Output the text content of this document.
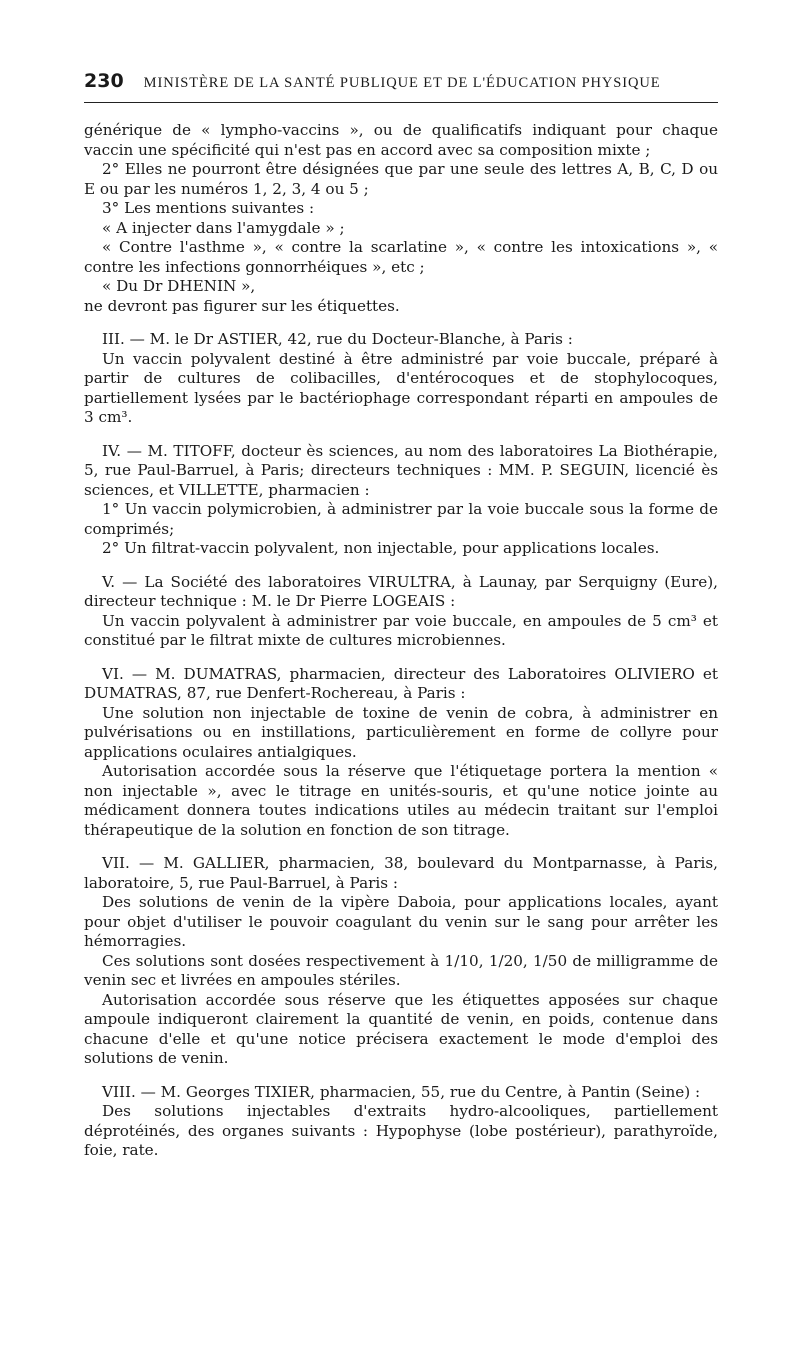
230 MINISTÈRE DE LA SANTÉ PUBLIQUE ET DE L'ÉDUCATION PHYSIQUE

générique de « lympho-vaccins », ou de qualificatifs indiquant pour chaque vaccin une spécificité qui n'est pas en accord avec sa composition mixte ;

2° Elles ne pourront être désignées que par une seule des lettres A, B, C, D ou E ou par les numéros 1, 2, 3, 4 ou 5 ;

3° Les mentions suivantes :

« A injecter dans l'amygdale » ;

« Contre l'asthme », « contre la scarlatine », « contre les intoxications », « contre les infections gonnorrhéiques », etc ;

« Du Dr DHENIN »,

ne devront pas figurer sur les étiquettes.

III. — M. le Dr ASTIER, 42, rue du Docteur-Blanche, à Paris :

Un vaccin polyvalent destiné à être administré par voie buccale, préparé à partir de cultures de colibacilles, d'entérocoques et de stophylocoques, partiellement lysées par le bactériophage correspondant réparti en ampoules de 3 cm³.

IV. — M. TITOFF, docteur ès sciences, au nom des laboratoires La Biothérapie, 5, rue Paul-Barruel, à Paris; directeurs techniques : MM. P. SEGUIN, licencié ès sciences, et VILLETTE, pharmacien :

1° Un vaccin polymicrobien, à administrer par la voie buccale sous la forme de comprimés;

2° Un filtrat-vaccin polyvalent, non injectable, pour applications locales.

V. — La Société des laboratoires VIRULTRA, à Launay, par Serquigny (Eure), directeur technique : M. le Dr Pierre LOGEAIS :

Un vaccin polyvalent à administrer par voie buccale, en ampoules de 5 cm³ et constitué par le filtrat mixte de cultures microbiennes.

VI. — M. DUMATRAS, pharmacien, directeur des Laboratoires OLIVIERO et DUMATRAS, 87, rue Denfert-Rochereau, à Paris :

Une solution non injectable de toxine de venin de cobra, à administrer en pulvérisations ou en instillations, particulièrement en forme de collyre pour applications oculaires antialgiques.

Autorisation accordée sous la réserve que l'étiquetage portera la mention « non injectable », avec le titrage en unités-souris, et qu'une notice jointe au médicament donnera toutes indications utiles au médecin traitant sur l'emploi thérapeutique de la solution en fonction de son titrage.

VII. — M. GALLIER, pharmacien, 38, boulevard du Montparnasse, à Paris, laboratoire, 5, rue Paul-Barruel, à Paris :

Des solutions de venin de la vipère Daboia, pour applications locales, ayant pour objet d'utiliser le pouvoir coagulant du venin sur le sang pour arrêter les hémorragies.

Ces solutions sont dosées respectivement à 1/10, 1/20, 1/50 de milligramme de venin sec et livrées en ampoules stériles.

Autorisation accordée sous réserve que les étiquettes apposées sur chaque ampoule indiqueront clairement la quantité de venin, en poids, contenue dans chacune d'elle et qu'une notice précisera exactement le mode d'emploi des solutions de venin.

VIII. — M. Georges TIXIER, pharmacien, 55, rue du Centre, à Pantin (Seine) :

Des solutions injectables d'extraits hydro-alcooliques, partiellement déprotéinés, des organes suivants : Hypophyse (lobe postérieur), parathyroïde, foie, rate.
